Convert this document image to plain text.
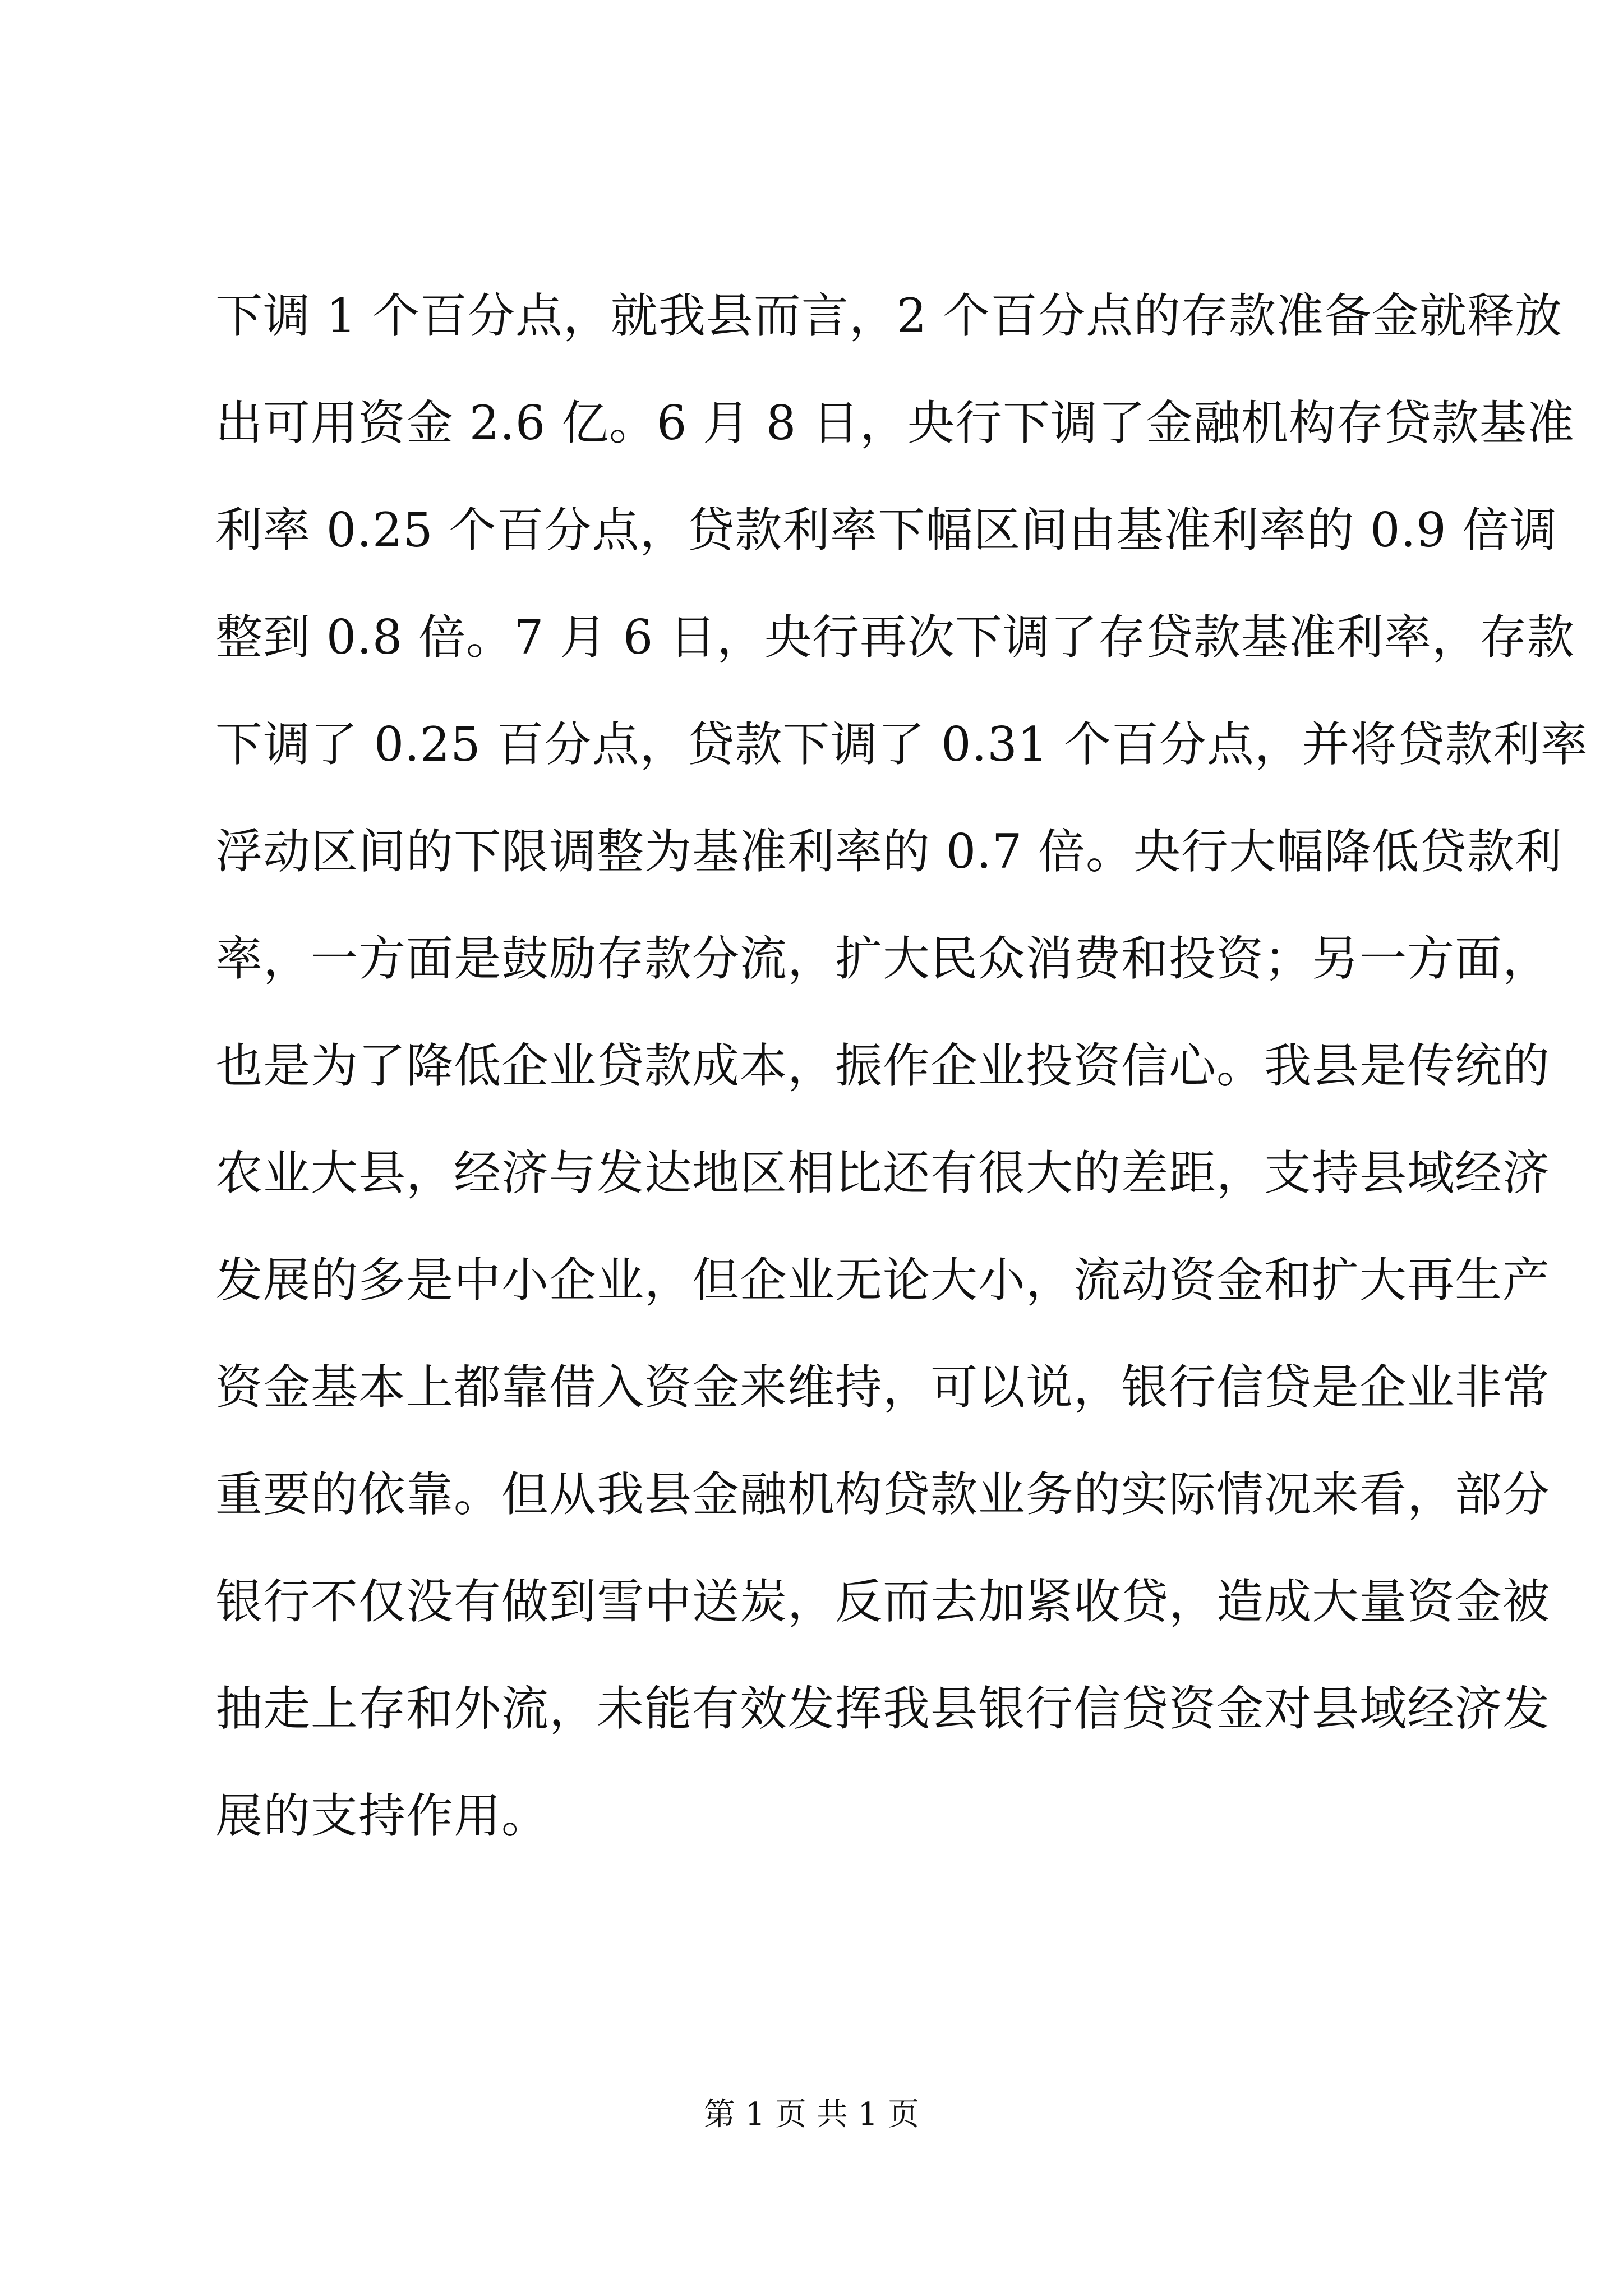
下调 1 个百分点，就我县而言，2 个百分点的存款准备金就释放
出可用资金 2.6 亿。6 月 8 日，央行下调了金融机构存贷款基准
利率 0.25 个百分点，贷款利率下幅区间由基准利率的 0.9 倍调
整到 0.8 倍。7 月 6 日，央行再次下调了存贷款基准利率，存款
下调了 0.25 百分点，贷款下调了 0.31 个百分点，并将贷款利率
浮动区间的下限调整为基准利率的 0.7 倍。央行大幅降低贷款利
率，一方面是鼓励存款分流，扩大民众消费和投资；另一方面，
也是为了降低企业贷款成本，振作企业投资信心。我县是传统的
农业大县，经济与发达地区相比还有很大的差距，支持县域经济
发展的多是中小企业，但企业无论大小，流动资金和扩大再生产
资金基本上都靠借入资金来维持，可以说，银行信贷是企业非常
重要的依靠。但从我县金融机构贷款业务的实际情况来看，部分
银行不仅没有做到雪中送炭，反而去加紧收贷，造成大量资金被
抽走上存和外流，未能有效发挥我县银行信贷资金对县域经济发
展的支持作用。
第 1 页 共 1 页
